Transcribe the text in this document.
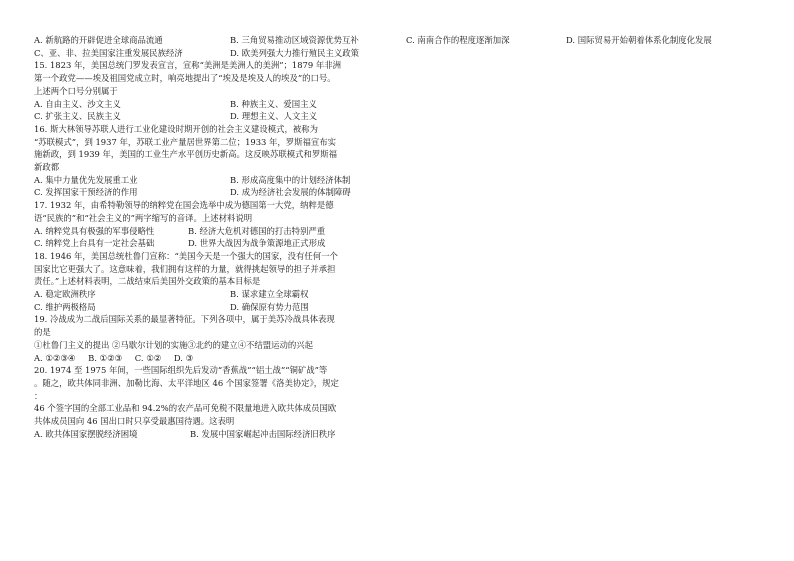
A. 新航路的开辟促进全球商品流通	B. 三角贸易推动区域资源优势互补
C、亚、非、拉美国家注重发展民族经济	D. 欧美列强大力推行殖民主义政策
15. 1823 年，美国总统门罗发表宣言，宣称“美洲是美洲人的美洲”；1879 年非洲
第一个政党——埃及祖国党成立时，响亮地提出了“埃及是埃及人的埃及”的口号。
上述两个口号分别属于
A. 自由主义、沙文主义	B. 种族主义、爱国主义
C. 扩张主义、民族主义	D. 理想主义、人文主义
16. 斯大林领导苏联人进行工业化建设时期开创的社会主义建设模式，被称为
“苏联模式”，到 1937 年，苏联工业产量居世界第二位；1933 年，罗斯福宣布实
施新政，到 1939 年，美国的工业生产水平创历史新高。这反映苏联模式和罗斯福
新政都
A. 集中力量优先发展重工业	B. 形成高度集中的计划经济体制
C. 发挥国家干预经济的作用	D. 成为经济社会发展的体制障碍
17. 1932 年，由希特勒领导的纳粹党在国会选举中成为德国第一大党，纳粹是德
语“民族的”和“社会主义的”两字缩写的音译。上述材料说明
A. 纳粹党具有极强的军事侵略性	B. 经济大危机对德国的打击特别严重
C. 纳粹党上台具有一定社会基础	D. 世界大战因为战争策源地正式形成
18. 1946 年，美国总统杜鲁门宣称：“美国今天是一个强大的国家，没有任何一个
国家比它更强大了。这意味着，我们拥有这样的力量，就得挑起领导的担子并承担
责任。”上述材料表明，二战结束后美国外交政策的基本目标是
A. 稳定欧洲秩序	B. 谋求建立全球霸权
C. 维护两极格局	D. 确保原有势力范围
19. 冷战成为二战后国际关系的最显著特征。下列各项中，属于美苏冷战具体表现
的是
①杜鲁门主义的提出 ②马歇尔计划的实施③北约的建立④不结盟运动的兴起
A. ①②③④ B. ①②③ C. ①② D. ③
20. 1974 至 1975 年间，一些国际组织先后发动“香蕉战”“铝土战”“铜矿战”等
。随之，欧共体同非洲、加勒比海、太平洋地区 46 个国家签署《洛美协定》，规定
：
46 个签字国的全部工业品和 94.2%的农产品可免税不限量地进入欧共体成员国欧
共体成员国向 46 国出口时只享受最惠国待遇。这表明
A. 欧共体国家摆脱经济困境	B. 发展中国家崛起冲击国际经济旧秩序
C. 南南合作的程度逐渐加深	D. 国际贸易开始朝着体系化制度化发展
